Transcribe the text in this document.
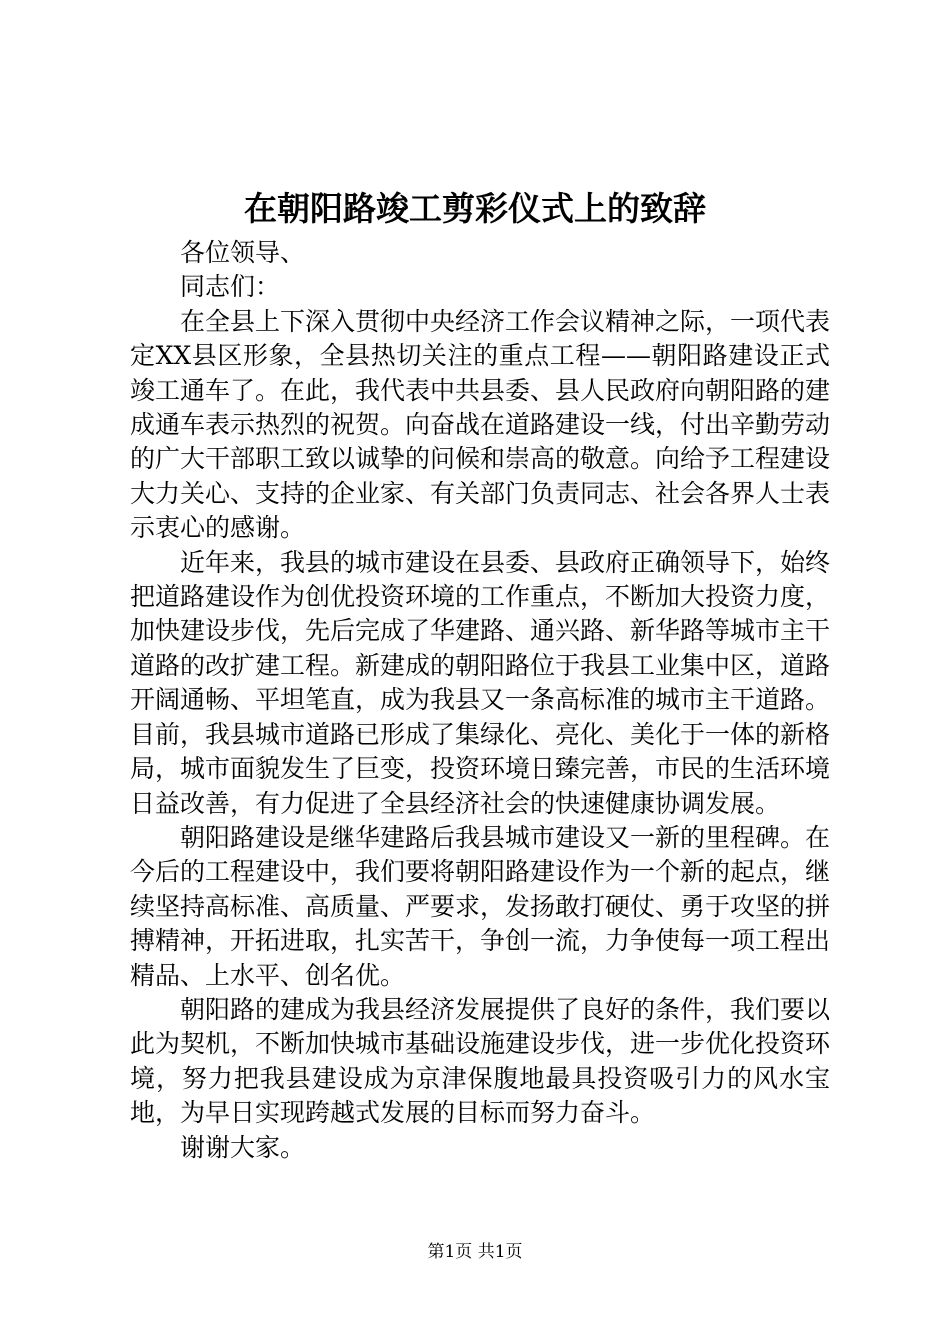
在朝阳路竣工剪彩仪式上的致辞

各位领导、

同志们：

在全县上下深入贯彻中央经济工作会议精神之际，一项代表定XX县区形象，全县热切关注的重点工程——朝阳路建设正式竣工通车了。在此，我代表中共县委、县人民政府向朝阳路的建成通车表示热烈的祝贺。向奋战在道路建设一线，付出辛勤劳动的广大干部职工致以诚挚的问候和崇高的敬意。向给予工程建设大力关心、支持的企业家、有关部门负责同志、社会各界人士表示衷心的感谢。

近年来，我县的城市建设在县委、县政府正确领导下，始终把道路建设作为创优投资环境的工作重点，不断加大投资力度，加快建设步伐，先后完成了华建路、通兴路、新华路等城市主干道路的改扩建工程。新建成的朝阳路位于我县工业集中区，道路开阔通畅、平坦笔直，成为我县又一条高标准的城市主干道路。目前，我县城市道路已形成了集绿化、亮化、美化于一体的新格局，城市面貌发生了巨变，投资环境日臻完善，市民的生活环境日益改善，有力促进了全县经济社会的快速健康协调发展。

朝阳路建设是继华建路后我县城市建设又一新的里程碑。在今后的工程建设中，我们要将朝阳路建设作为一个新的起点，继续坚持高标准、高质量、严要求，发扬敢打硬仗、勇于攻坚的拼搏精神，开拓进取，扎实苦干，争创一流，力争使每一项工程出精品、上水平、创名优。

朝阳路的建成为我县经济发展提供了良好的条件，我们要以此为契机，不断加快城市基础设施建设步伐，进一步优化投资环境，努力把我县建设成为京津保腹地最具投资吸引力的风水宝地，为早日实现跨越式发展的目标而努力奋斗。

谢谢大家。

第1页 共1页
